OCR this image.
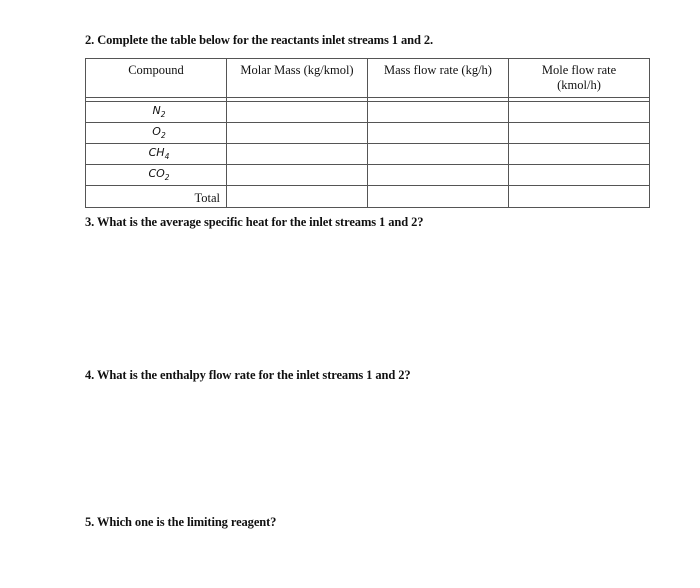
2. Complete the table below for the reactants inlet streams 1 and 2.
Compound	Molar Mass (kg/kmol)	Mass flow rate (kg/h)	Mole flow rate
(kmol/h)

$N_2$			
$O_2$			
$CH_4$			
$CO_2$			
Total			
3. What is the average specific heat for the inlet streams 1 and 2?
4. What is the enthalpy flow rate for the inlet streams 1 and 2?
5. Which one is the limiting reagent?
